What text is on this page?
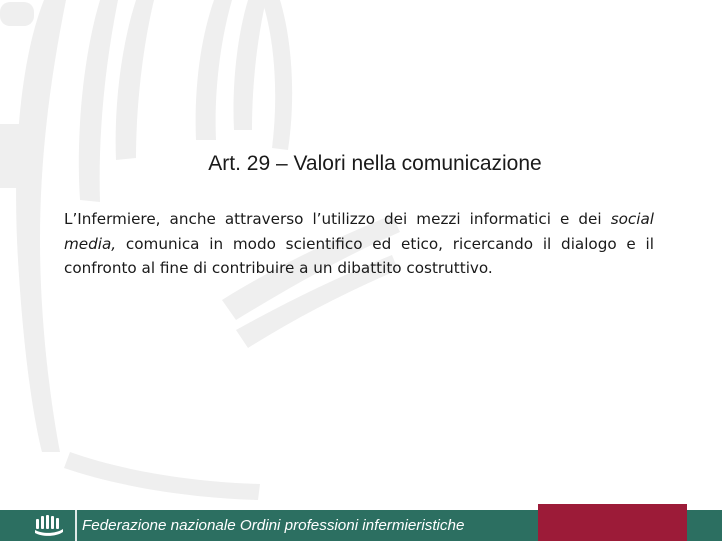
Art. 29 – Valori nella comunicazione
L’Infermiere, anche attraverso l’utilizzo dei mezzi informatici e dei social media, comunica in modo scientifico ed etico, ricercando il dialogo e il confronto al fine di contribuire a un dibattito costruttivo.
Federazione nazionale Ordini professioni infermieristiche
